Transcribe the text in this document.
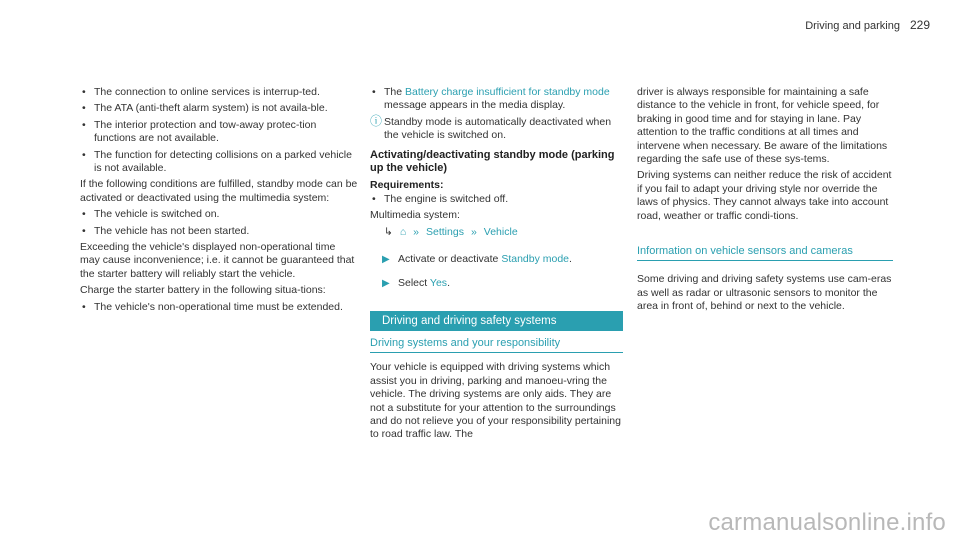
Driving and parking 229
• The connection to online services is interrup-ted.
• The ATA (anti-theft alarm system) is not availa-ble.
• The interior protection and tow-away protec-tion functions are not available.
• The function for detecting collisions on a parked vehicle is not available.

If the following conditions are fulfilled, standby mode can be activated or deactivated using the multimedia system:

• The vehicle is switched on.
• The vehicle has not been started.

Exceeding the vehicle's displayed non-operational time may cause inconvenience; i.e. it cannot be guaranteed that the starter battery will reliably start the vehicle.

Charge the starter battery in the following situa-tions:

• The vehicle's non-operational time must be extended.
• The Battery charge insufficient for standby mode message appears in the media display.
ⓘ Standby mode is automatically deactivated when the vehicle is switched on.
Activating/deactivating standby mode (parking up the vehicle)
Requirements:
• The engine is switched off.

Multimedia system:

↳ ⌂ » Settings » Vehicle
▶ Activate or deactivate Standby mode.
▶ Select Yes.
Driving and driving safety systems
Driving systems and your responsibility

Your vehicle is equipped with driving systems which assist you in driving, parking and manoeu-vring the vehicle. The driving systems are only aids. They are not a substitute for your attention to the surroundings and do not relieve you of your responsibility pertaining to road traffic law. The

driver is always responsible for maintaining a safe distance to the vehicle in front, for vehicle speed, for braking in good time and for staying in lane. Pay attention to the traffic conditions at all times and intervene when necessary. Be aware of the limitations regarding the safe use of these sys-tems.

Driving systems can neither reduce the risk of accident if you fail to adapt your driving style nor override the laws of physics. They cannot always take into account road, weather or traffic condi-tions.

Information on vehicle sensors and cameras

Some driving and driving safety systems use cam-eras as well as radar or ultrasonic sensors to monitor the area in front of, behind or next to the vehicle.

carmanualsonline.info
